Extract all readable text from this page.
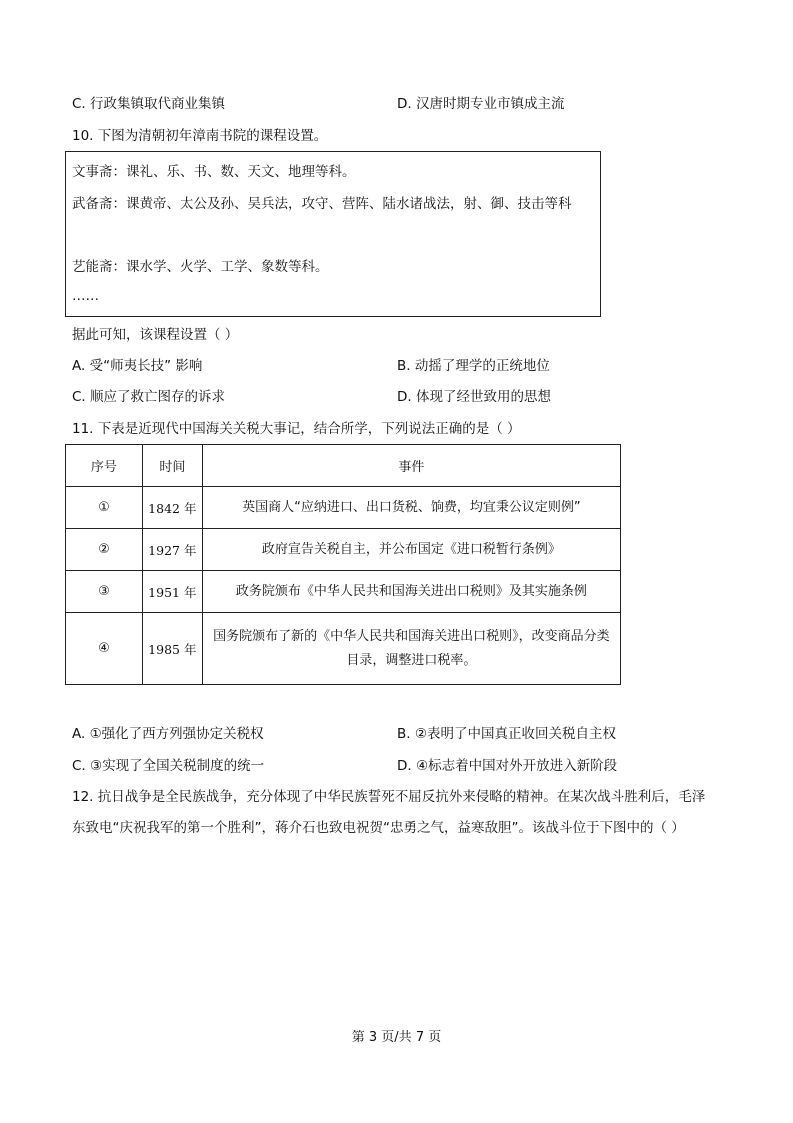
C. 行政集镇取代商业集镇	D. 汉唐时期专业市镇成主流
10. 下图为清朝初年漳南书院的课程设置。
文事斋：课礼、乐、书、数、天文、地理等科。
武备斋：课黄帝、太公及孙、吴兵法，攻守、营阵、陆水诸战法，射、御、技击等科
艺能斋：课水学、火学、工学、象数等科。
……
据此可知，该课程设置（ ）
A. 受“师夷长技” 影响	B. 动摇了理学的正统地位
C. 顺应了救亡图存的诉求	D. 体现了经世致用的思想
11. 下表是近现代中国海关关税大事记，结合所学，下列说法正确的是（ ）
序号	时间	事件
①	1842 年	英国商人“应纳进口、出口货税、饷费，均宜秉公议定则例”
②	1927 年	政府宣告关税自主，并公布国定《进口税暂行条例》
③	1951 年	政务院颁布《中华人民共和国海关进出口税则》及其实施条例
④	1985 年	国务院颁布了新的《中华人民共和国海关进出口税则》，改变商品分类目录，调整进口税率。
A. ①强化了西方列强协定关税权	B. ②表明了中国真正收回关税自主权
C. ③实现了全国关税制度的统一	D. ④标志着中国对外开放进入新阶段
12. 抗日战争是全民族战争，充分体现了中华民族誓死不屈反抗外来侵略的精神。在某次战斗胜利后，毛泽
东致电“庆祝我军的第一个胜利”，蒋介石也致电祝贺“忠勇之气，益寒敌胆”。该战斗位于下图中的（ ）
第 3 页/共 7 页
